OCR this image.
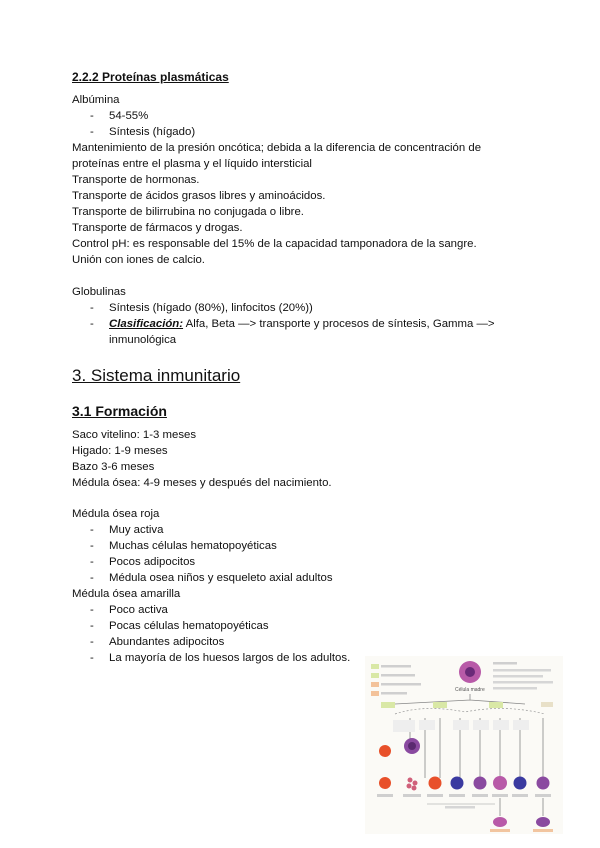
2.2.2 Proteínas plasmáticas
Albúmina
- 54-55%
- Síntesis (hígado)
Mantenimiento de la presión oncótica; debida a la diferencia de concentración de
proteínas entre el plasma y el líquido intersticial
Transporte de hormonas.
Transporte de ácidos grasos libres y aminoácidos.
Transporte de bilirrubina no conjugada o libre.
Transporte de fármacos y drogas.
Control pH: es responsable del 15% de la capacidad tamponadora de la sangre.
Unión con iones de calcio.
Globulinas
- Síntesis (hígado (80%), linfocitos (20%))
- Clasificación: Alfa, Beta —> transporte y procesos de síntesis, Gamma —> inmunológica
3. Sistema inmunitario
3.1 Formación
Saco vitelino: 1-3 meses
Higado: 1-9 meses
Bazo 3-6 meses
Médula ósea: 4-9 meses y después del nacimiento.
Médula ósea roja
- Muy activa
- Muchas células hematopoyéticas
- Pocos adipocitos
- Médula osea niños y esqueleto axial adultos
Médula ósea amarilla
- Poco activa
- Pocas células hematopoyéticas
- Abundantes adipocitos
- La mayoría de los huesos largos de los adultos.
Célula madre
